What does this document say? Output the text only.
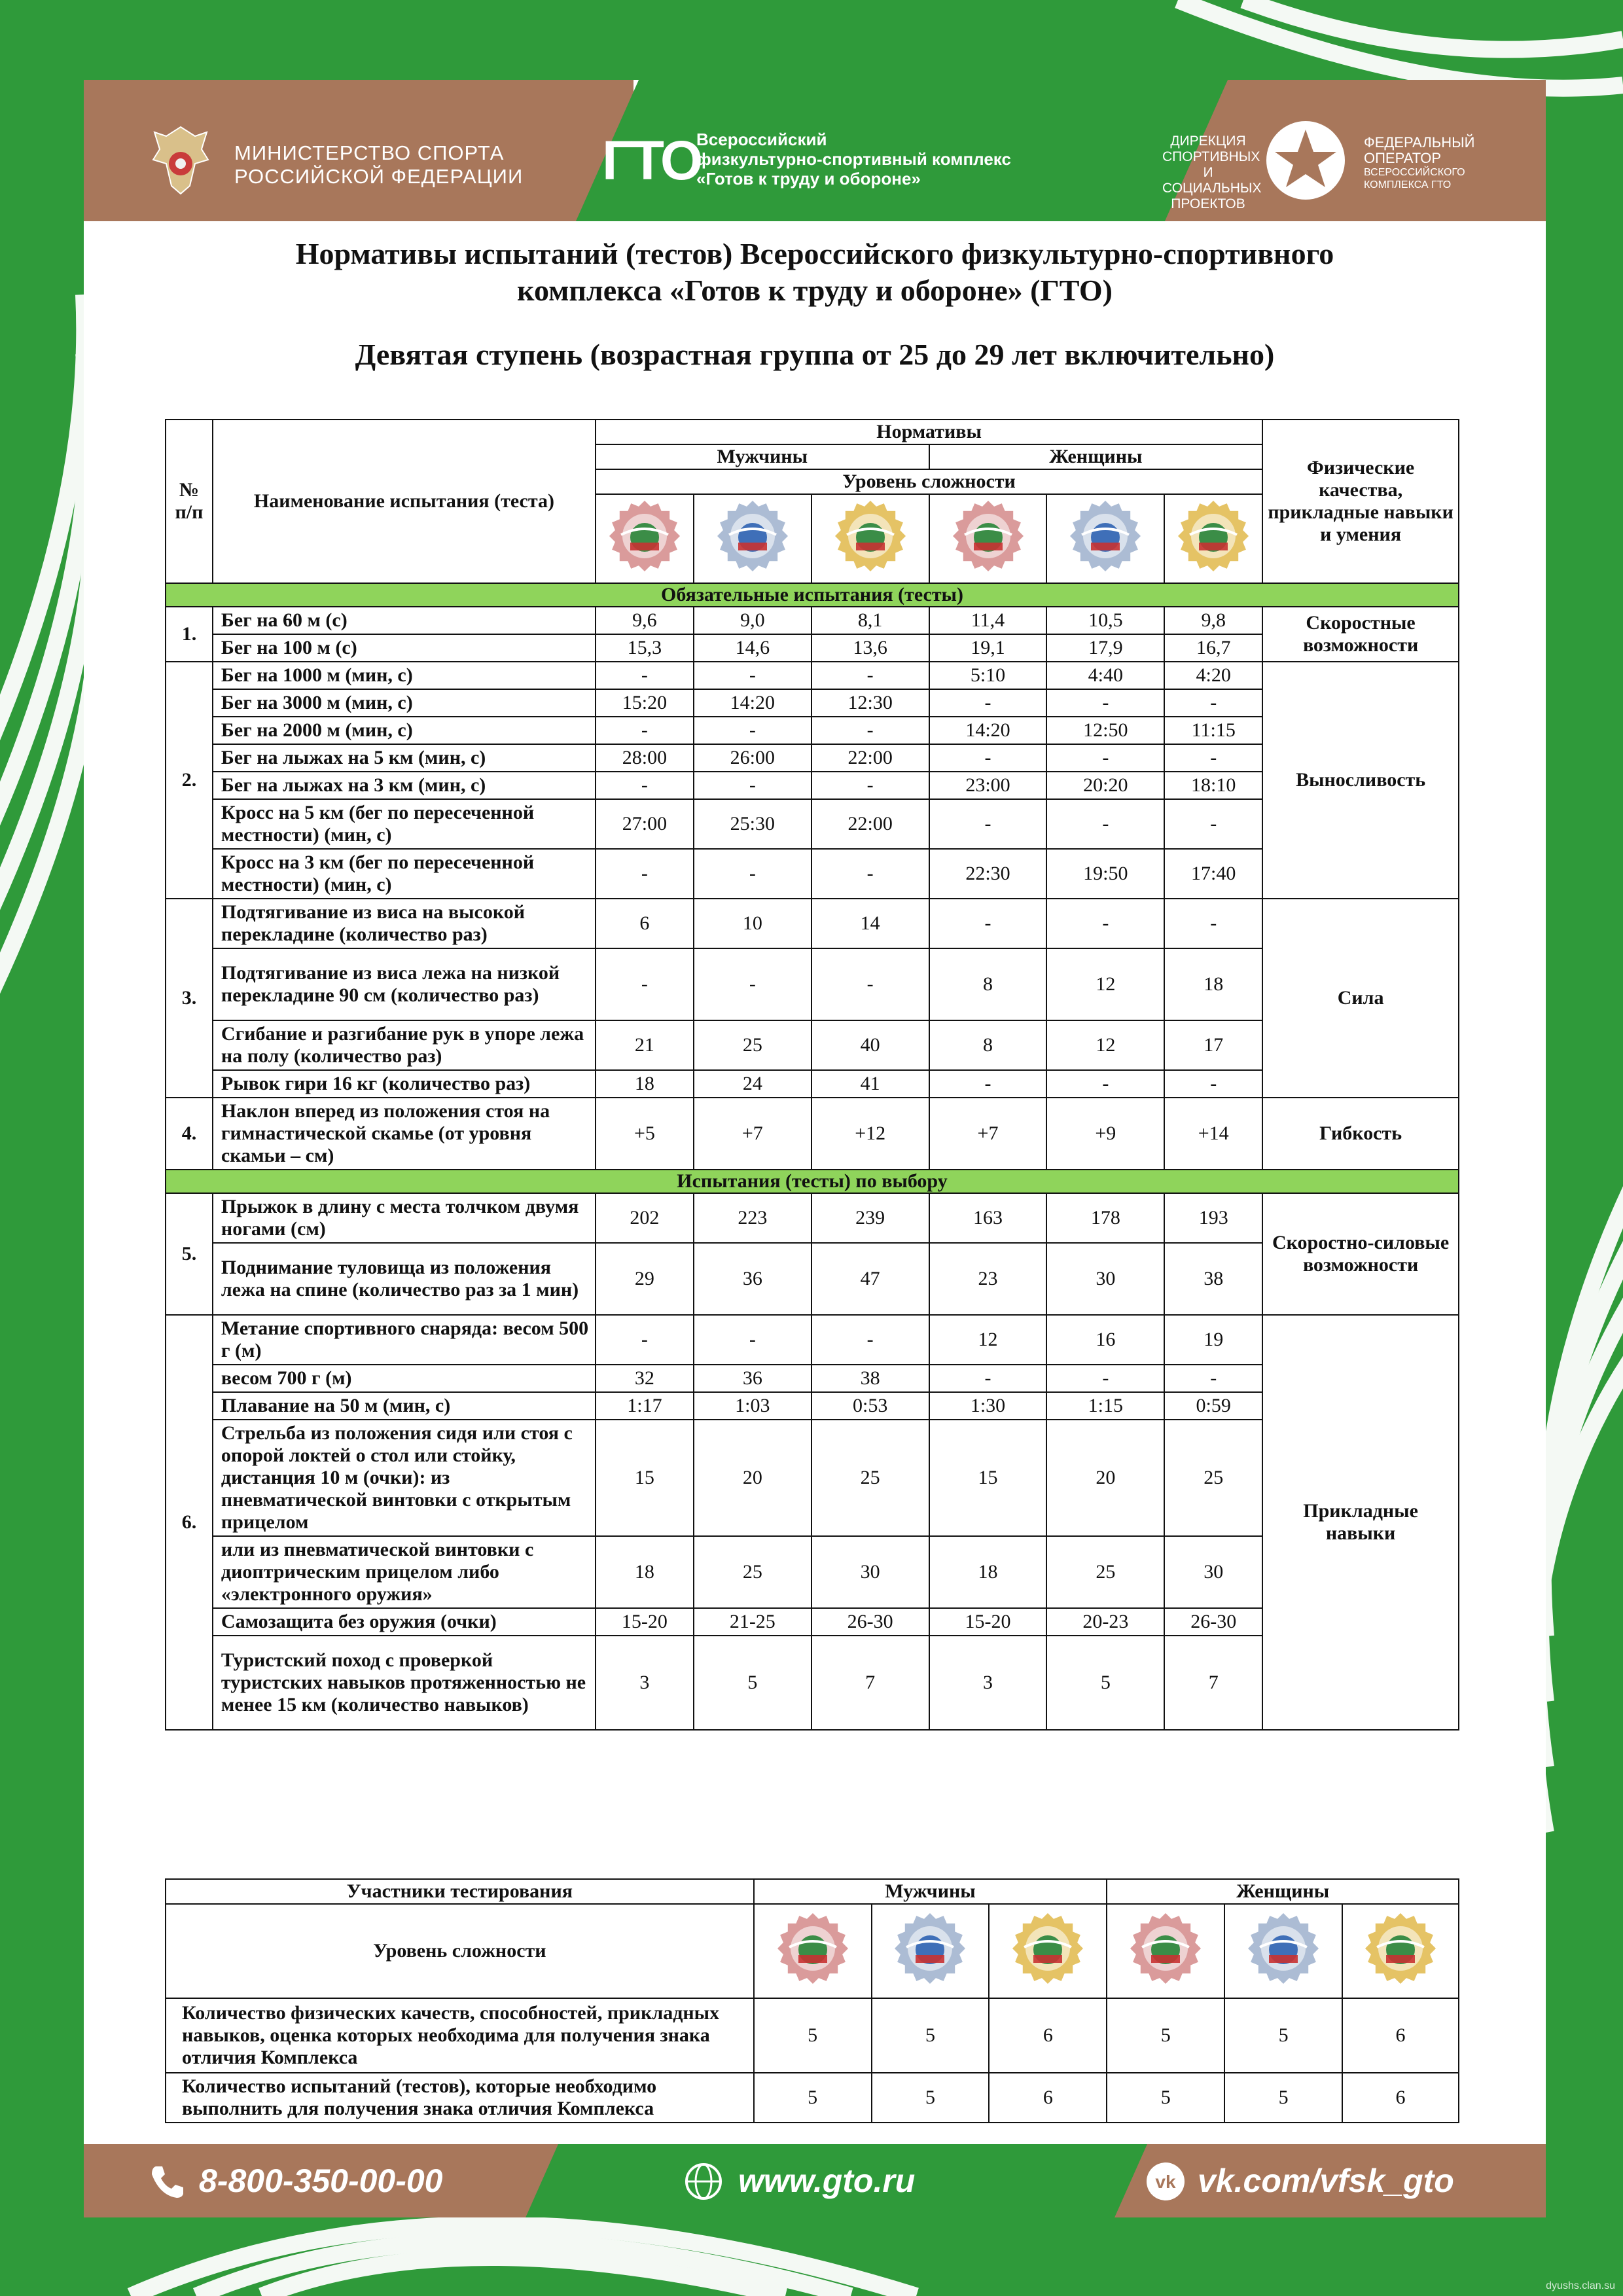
МИНИСТЕРСТВО СПОРТА
РОССИЙСКОЙ ФЕДЕРАЦИИ ГТО
Всероссийский
физкультурно-спортивный комплекс
«Готов к труду и обороне»
ДИРЕКЦИЯ
СПОРТИВНЫХ
И СОЦИАЛЬНЫХ
ПРОЕКТОВ
ФЕДЕРАЛЬНЫЙ
ОПЕРАТОР
ВСЕРОССИЙСКОГО
КОМПЛЕКСА ГТО
Нормативы испытаний (тестов) Всероссийского физкультурно-спортивного
комплекса «Готов к труду и обороне» (ГТО)
Девятая ступень (возрастная группа от 25 до 29 лет включительно)
№ п/п	Наименование испытания (теста)	Нормативы						Физические качества, прикладные навыки и умения
		Мужчины			Женщины			
		Уровень сложности						

Обязательные испытания (тесты)								
1.	Бег на 60 м (с)	9,6	9,0	8,1	11,4	10,5	9,8	Скоростные возможности
	Бег на 100 м (с)	15,3	14,6	13,6	19,1	17,9	16,7	
2.	Бег на 1000 м (мин, с)	-	-	-	5:10	4:40	4:20	Выносливость
	Бег на 3000 м (мин, с)	15:20	14:20	12:30	-	-	-	
	Бег на 2000 м (мин, с)	-	-	-	14:20	12:50	11:15	
	Бег на лыжах на 5 км (мин, с)	28:00	26:00	22:00	-	-	-	
	Бег на лыжах на 3 км (мин, с)	-	-	-	23:00	20:20	18:10	
	Кросс на 5 км (бег по пересеченной местности) (мин, с)	27:00	25:30	22:00	-	-	-	
	Кросс на 3 км (бег по пересеченной местности) (мин, с)	-	-	-	22:30	19:50	17:40	
3.	Подтягивание из виса на высокой перекладине (количество раз)	6	10	14	-	-	-	Сила
	Подтягивание из виса лежа на низкой перекладине 90 см (количество раз)	-	-	-	8	12	18	
	Сгибание и разгибание рук в упоре лежа на полу (количество раз)	21	25	40	8	12	17	
	Рывок гири 16 кг (количество раз)	18	24	41	-	-	-	
4.	Наклон вперед из положения стоя на гимнастической скамье (от уровня скамьи – см)	+5	+7	+12	+7	+9	+14	Гибкость
Испытания (тесты) по выбору								
5.	Прыжок в длину с места толчком двумя ногами (см)	202	223	239	163	178	193	Скоростно-силовые возможности
	Поднимание туловища из положения лежа на спине (количество раз за 1 мин)	29	36	47	23	30	38	
6.	Метание спортивного снаряда: весом 500 г (м)	-	-	-	12	16	19	Прикладные навыки
	весом 700 г (м)	32	36	38	-	-	-	
	Плавание на 50 м (мин, с)	1:17	1:03	0:53	1:30	1:15	0:59	
	Стрельба из положения сидя или стоя с опорой локтей о стол или стойку, дистанция 10 м (очки): из пневматической винтовки с открытым прицелом	15	20	25	15	20	25	
	или из пневматической винтовки с диоптрическим прицелом либо «электронного оружия»	18	25	30	18	25	30	
	Самозащита без оружия (очки)	15-20	21-25	26-30	15-20	20-23	26-30	
	Туристский поход с проверкой туристских навыков протяженностью не менее 15 км (количество навыков)	3	5	7	3	5	7	
Участники тестирования	Мужчины			Женщины		
Уровень сложности						
Количество физических качеств, способностей, прикладных навыков, оценка которых необходима для получения знака отличия Комплекса	5	5	6	5	5	6
Количество испытаний (тестов), которые необходимо выполнить для получения знака отличия Комплекса	5	5	6	5	5	6
8-800-350-00-00	www.gto.ru	vk vk.com/vfsk_gto
dyushs.clan.su
